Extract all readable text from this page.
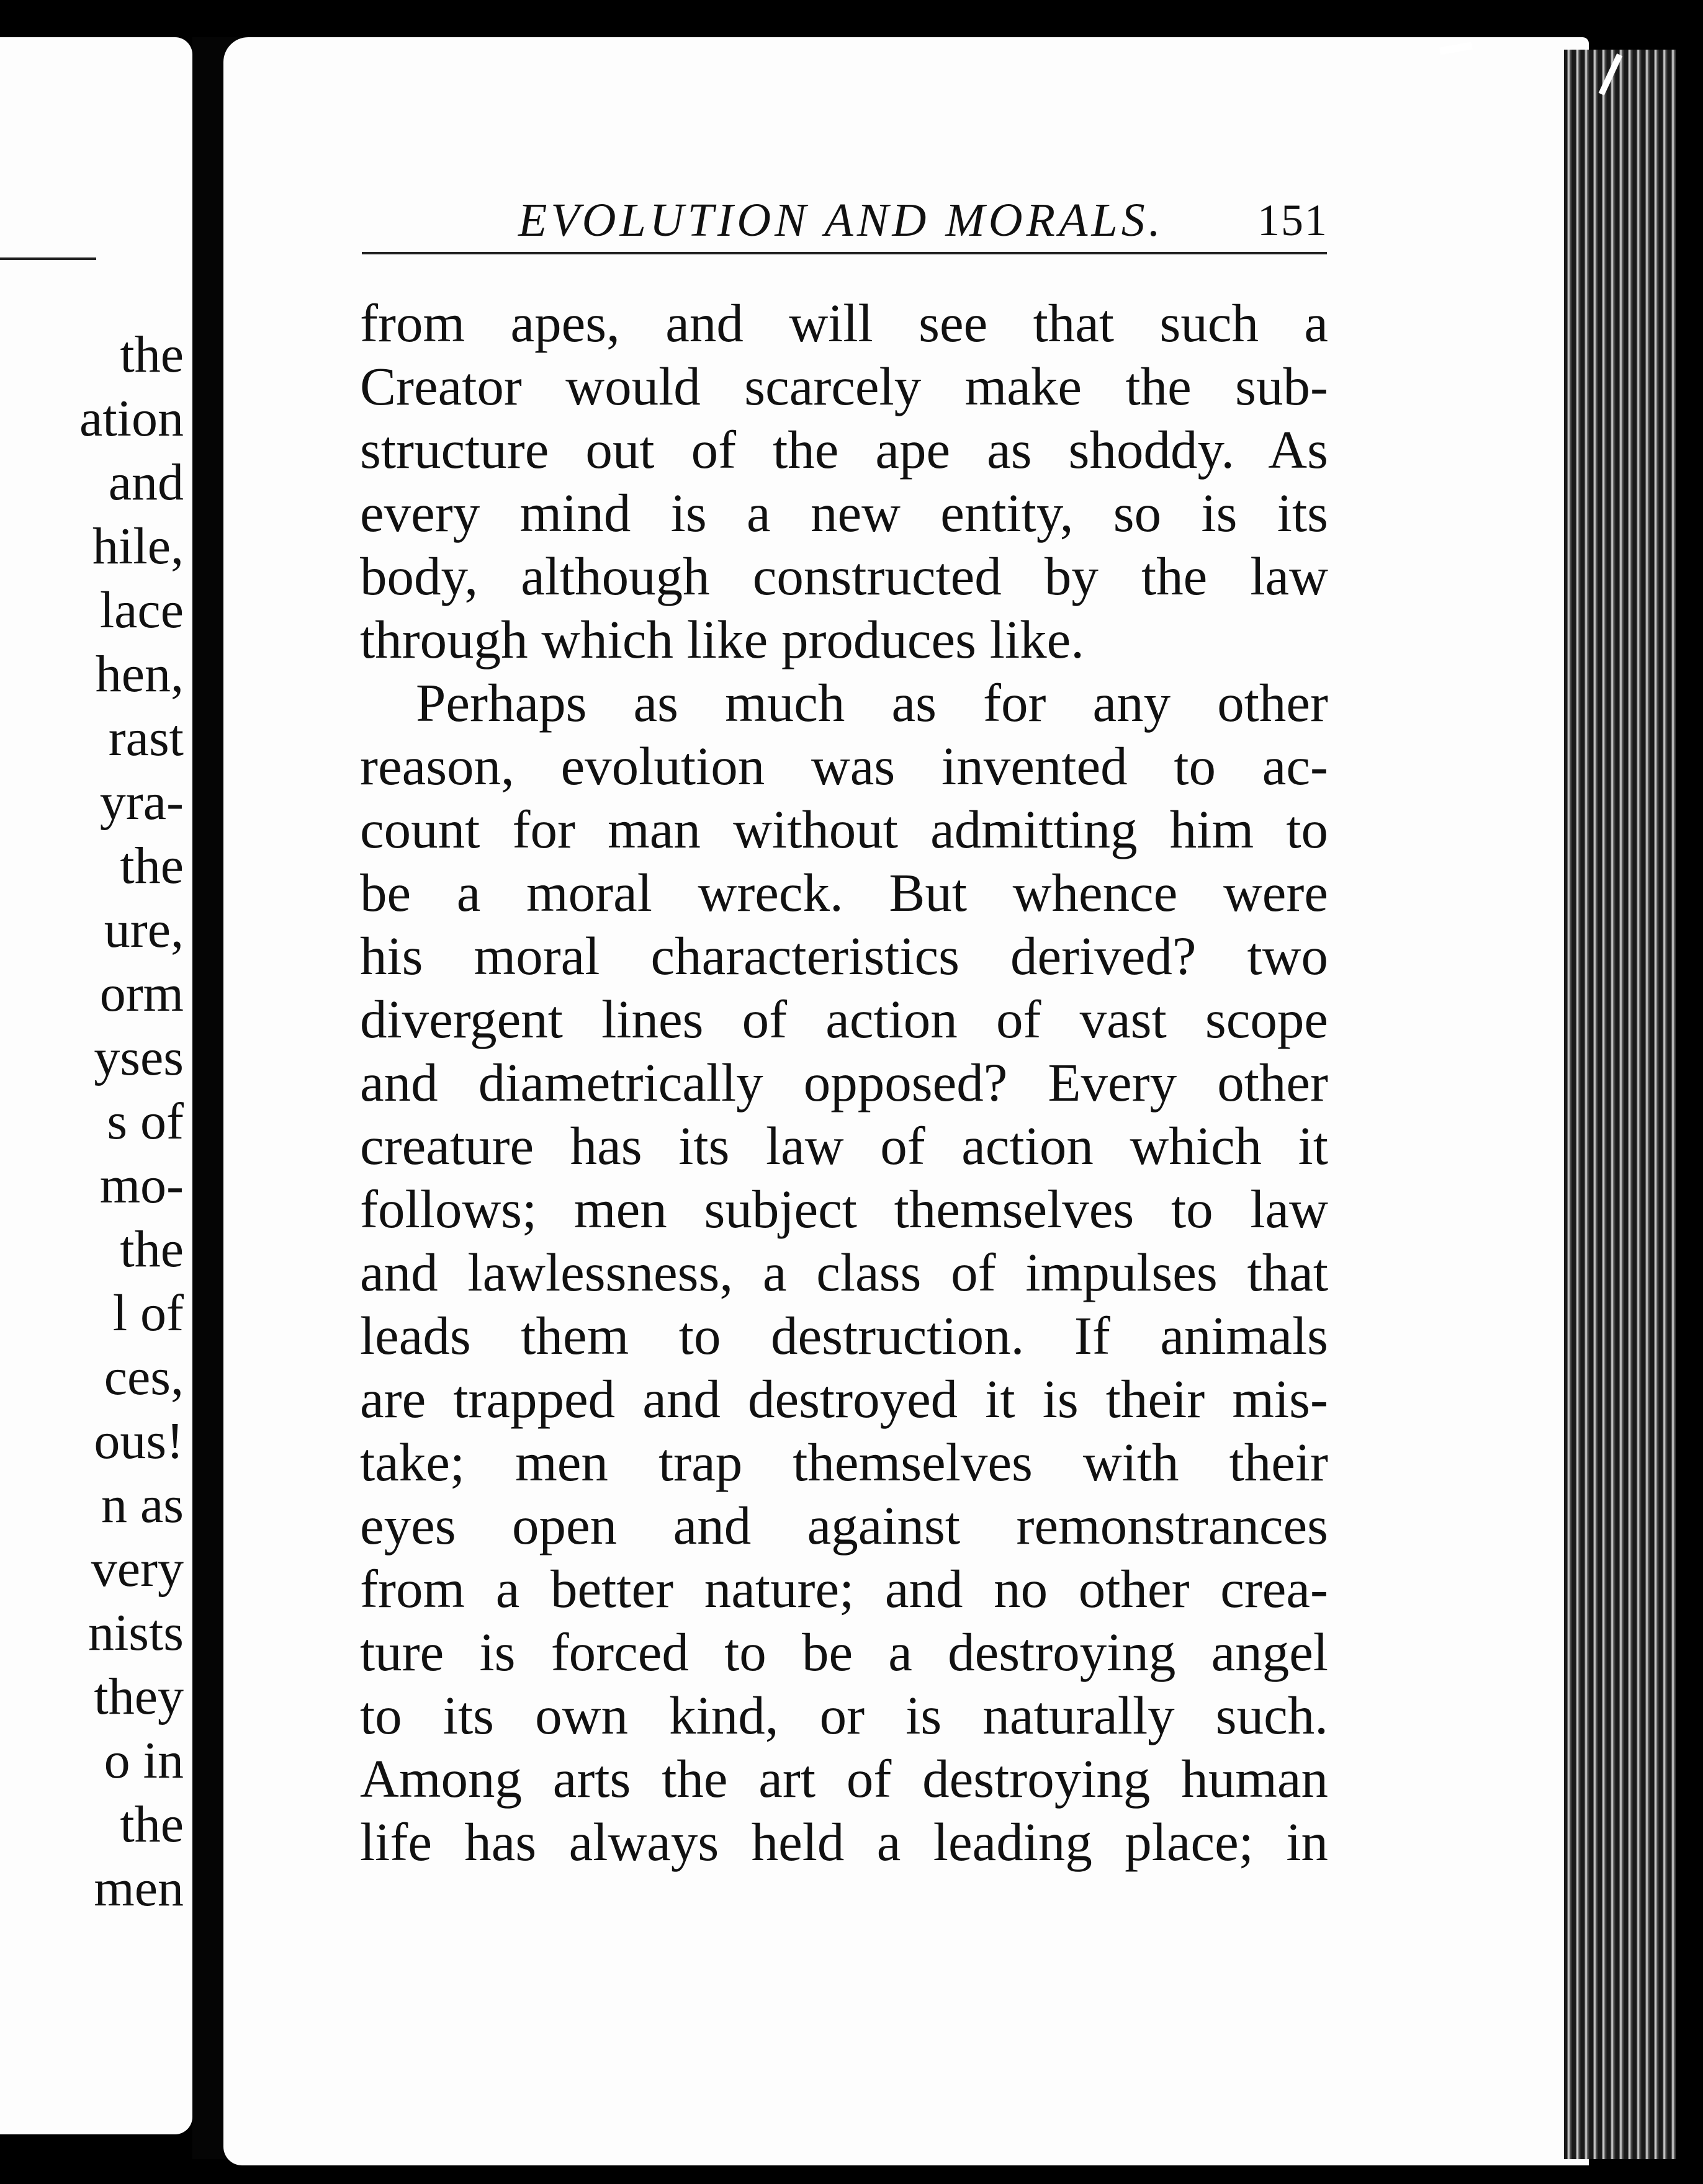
the
ation
and
hile,
lace
hen,
rast
yra-
the
ure,
orm
yses
s of
mo-
the
l of
ces,
ous!
n as
very
nists
they
o in
the
men
EVOLUTION AND MORALS. 151
from apes, and will see that such a
Creator would scarcely make the sub-
structure out of the ape as shoddy. As
every mind is a new entity, so is its
body, although constructed by the law
through which like produces like.
Perhaps as much as for any other
reason, evolution was invented to ac-
count for man without admitting him to
be a moral wreck. But whence were
his moral characteristics derived? two
divergent lines of action of vast scope
and diametrically opposed? Every other
creature has its law of action which it
follows; men subject themselves to law
and lawlessness, a class of impulses that
leads them to destruction. If animals
are trapped and destroyed it is their mis-
take; men trap themselves with their
eyes open and against remonstrances
from a better nature; and no other crea-
ture is forced to be a destroying angel
to its own kind, or is naturally such.
Among arts the art of destroying human
life has always held a leading place; in
